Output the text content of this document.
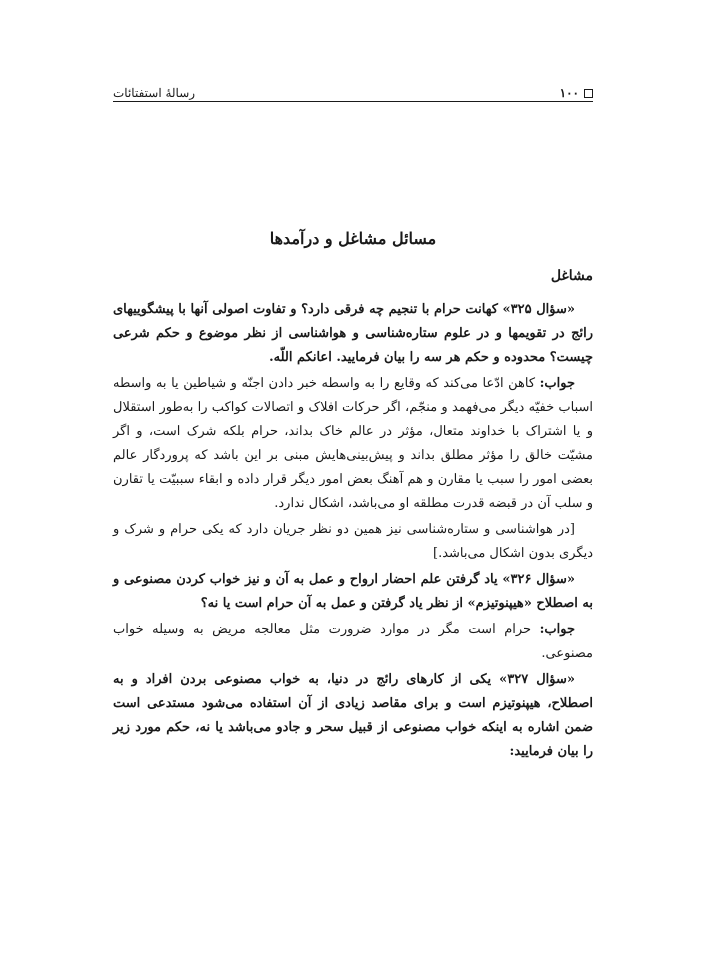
۱۰۰
رسالۀ استفتائات
مسائل مشاغل و درآمدها
مشاغل

«سؤال ۳۲۵» کهانت حرام با تنجیم چه فرقی دارد؟ و تفاوت اصولی آنها با پیشگوییهای رائج در تقویمها و در علوم ستاره‌شناسی و هواشناسی از نظر موضوع و حکم شرعی چیست؟ محدوده و حکم هر سه را بیان فرمایید. اعانکم اللّه.

جواب: کاهن ادّعا می‌کند که وقایع را به واسطه خبر دادن اجنّه و شیاطین یا به واسطه اسباب خفیّه دیگر می‌فهمد و منجّم، اگر حرکات افلاک و اتصالات کواکب را به‌طور استقلال و یا اشتراک با خداوند متعال، مؤثر در عالم خاک بداند، حرام بلکه شرک است، و اگر مشیّت خالق را مؤثر مطلق بداند و پیش‌بینی‌هایش مبنی بر این باشد که پروردگار عالم بعضی امور را سبب یا مقارن و هم آهنگ بعض امور دیگر قرار داده و ابقاء سببیّت یا تقارن و سلب آن در قبضه قدرت مطلقه او می‌باشد، اشکال ندارد.

[در هواشناسی و ستاره‌شناسی نیز همین دو نظر جریان دارد که یکی حرام و شرک و دیگری بدون اشکال می‌باشد.]

«سؤال ۳۲۶» یاد گرفتن علم احضار ارواح و عمل به آن و نیز خواب کردن مصنوعی و به اصطلاح «هیپنوتیزم» از نظر یاد گرفتن و عمل به آن حرام است یا نه؟

جواب: حرام است مگر در موارد ضرورت مثل معالجه مریض به وسیله خواب مصنوعی.

«سؤال ۳۲۷» یکی از کارهای رائج در دنیا، به خواب مصنوعی بردن افراد و به اصطلاح، هیپنوتیزم است و برای مقاصد زیادی از آن استفاده می‌شود مستدعی است ضمن اشاره به اینکه خواب مصنوعی از قبیل سحر و جادو می‌باشد یا نه، حکم مورد زیر را بیان فرمایید:
